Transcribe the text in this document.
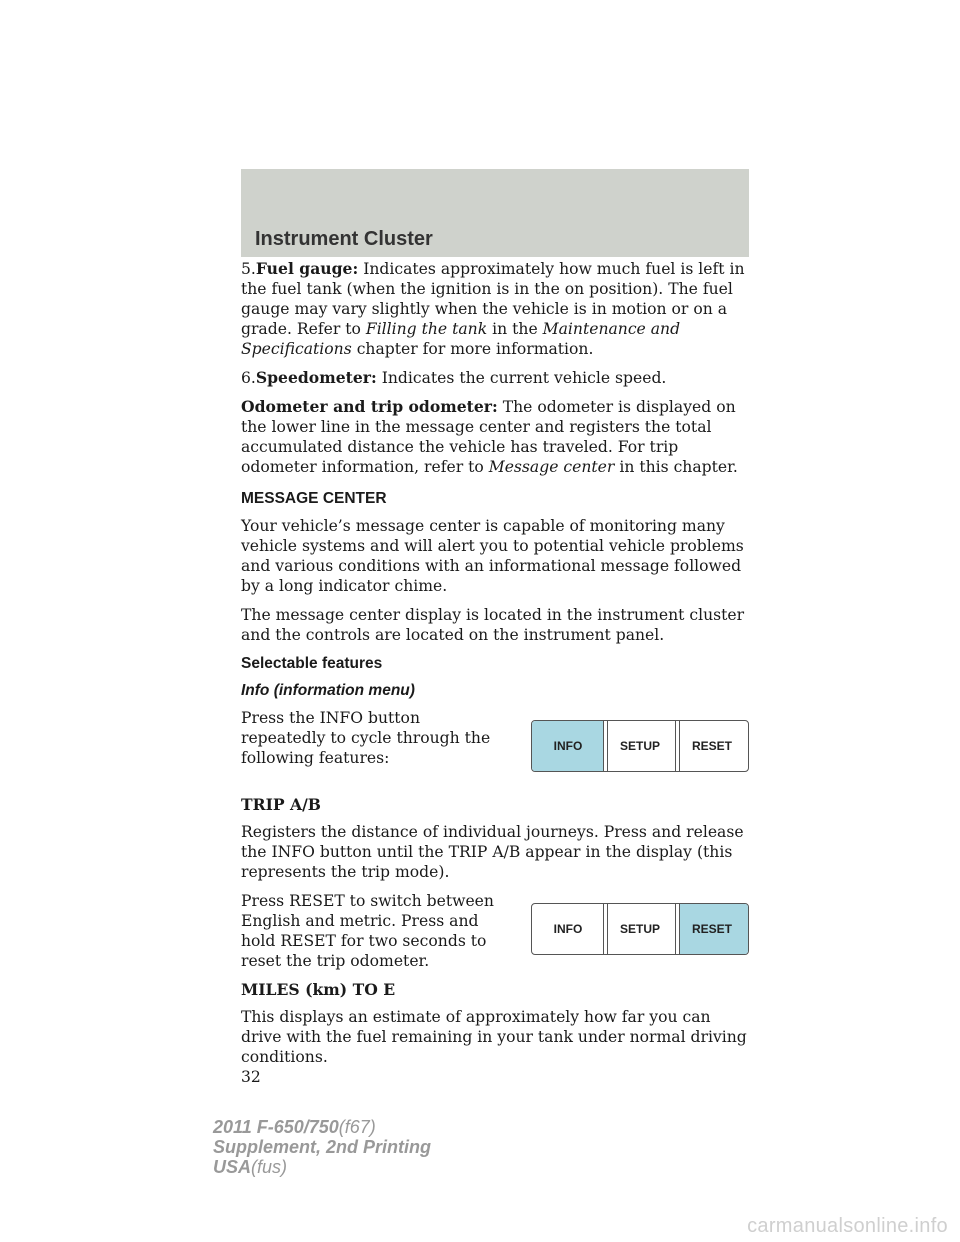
Instrument Cluster

5.Fuel gauge: Indicates approximately how much fuel is left in the fuel tank (when the ignition is in the on position). The fuel gauge may vary slightly when the vehicle is in motion or on a grade. Refer to Filling the tank in the Maintenance and Specifications chapter for more information.

6.Speedometer: Indicates the current vehicle speed.

Odometer and trip odometer: The odometer is displayed on the lower line in the message center and registers the total accumulated distance the vehicle has traveled. For trip odometer information, refer to Message center in this chapter.

MESSAGE CENTER

Your vehicle’s message center is capable of monitoring many vehicle systems and will alert you to potential vehicle problems and various conditions with an informational message followed by a long indicator chime.

The message center display is located in the instrument cluster and the controls are located on the instrument panel.

Selectable features
Info (information menu)

Press the INFO button repeatedly to cycle through the following features:

INFO	SETUP	RESET
TRIP A/B

Registers the distance of individual journeys. Press and release the INFO button until the TRIP A/B appear in the display (this represents the trip mode).

Press RESET to switch between English and metric. Press and hold RESET for two seconds to reset the trip odometer.

INFO	SETUP	RESET
MILES (km) TO E

This displays an estimate of approximately how far you can drive with the fuel remaining in your tank under normal driving conditions.

32
2011 F-650/750(f67)
Supplement, 2nd Printing
USA(fus)
carmanualsonline.info
